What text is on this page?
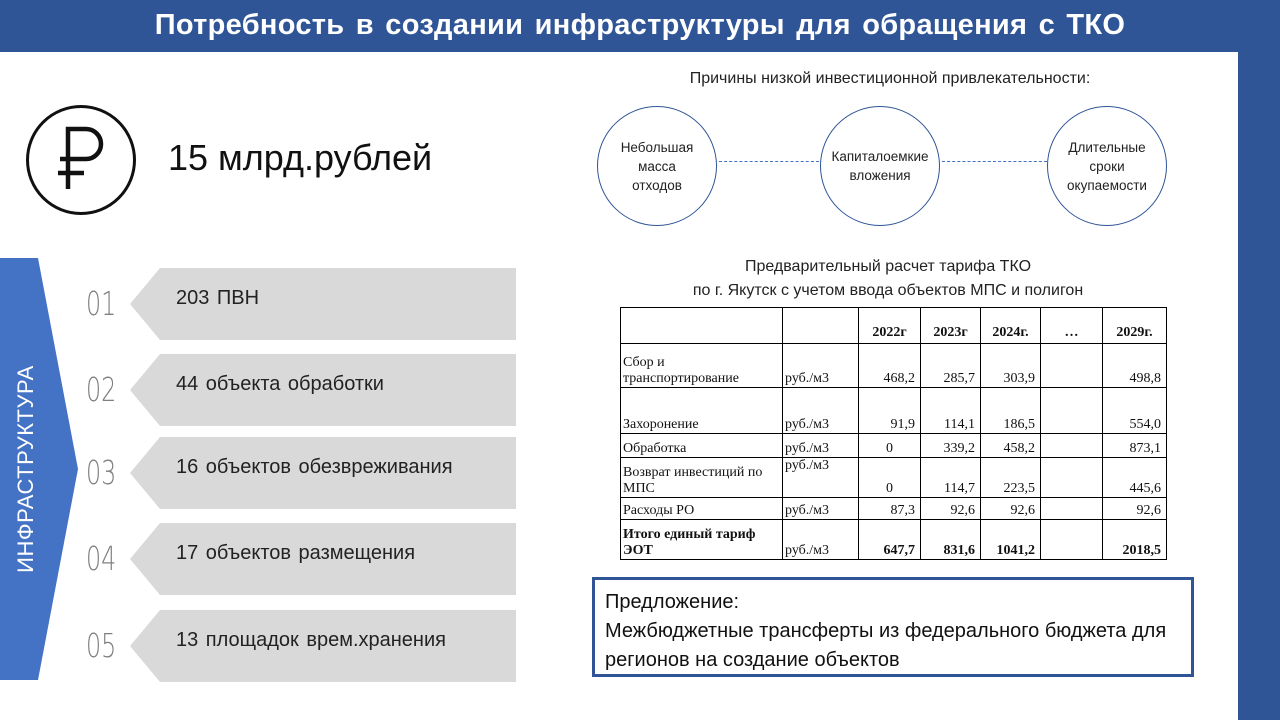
Потребность в создании инфраструктуры для обращения с ТКО
15 млрд.рублей
ИНФРАСТРУКТУРА
01	203 ПВН
02	44 объекта обработки
03	16 объектов обезвреживания
04	17 объектов размещения
05	13 площадок врем.хранения
Причины низкой инвестиционной привлекательности:
Небольшая масса отходов
Капиталоемкие вложения
Длительные сроки окупаемости
Предварительный расчет тарифа ТКО
по г. Якутск с учетом ввода объектов МПС и полигон
		2022г	2023г	2024г.	…	2029г.
Сбор и транспортирование	руб./м3	468,2	285,7	303,9		498,8
Захоронение	руб./м3	91,9	114,1	186,5		554,0
Обработка	руб./м3	0	339,2	458,2		873,1
Возврат инвестиций по МПС	руб./м3	0	114,7	223,5		445,6
Расходы РО	руб./м3	87,3	92,6	92,6		92,6
Итого единый тариф ЭОТ	руб./м3	647,7	831,6	1041,2		2018,5
Предложение:
Межбюджетные трансферты из федерального бюджета для регионов на создание объектов
